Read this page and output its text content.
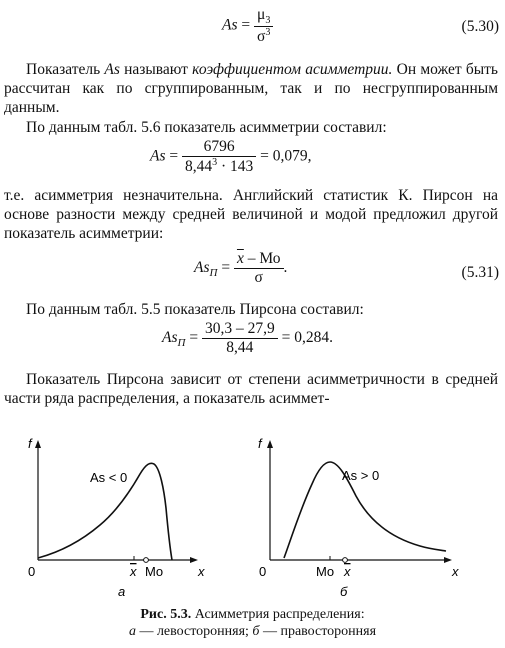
$As = \frac{\mu_3}{\sigma^3}$	(5.30)
Показатель As называют коэффициентом асимметрии. Он может быть рассчитан как по сгруппированным, так и по несгруппированным данным.
По данным табл. 5.6 показатель асимметрии составил:
$As = \frac{6796}{8,44^3 \cdot 143} = 0,079$,
т.е. асимметрия незначительна. Английский статистик К. Пирсон на основе разности между средней величиной и модой предложил другой показатель асимметрии:
$As_П = \frac{\overline{x} - Мо}{\sigma}$ .	(5.31)
По данным табл. 5.5 показатель Пирсона составил:
$As_П = \frac{30,3 - 27,9}{8,44} = 0,284$.
Показатель Пирсона зависит от степени асимметричности в средней части ряда распределения, а показатель асиммет-
f
x
0
As < 0
x Mo
а
f
x
0
As > 0
Mo x
б
Рис. 5.3. Асимметрия распределения:
а — левосторонняя; б — правосторонняя
